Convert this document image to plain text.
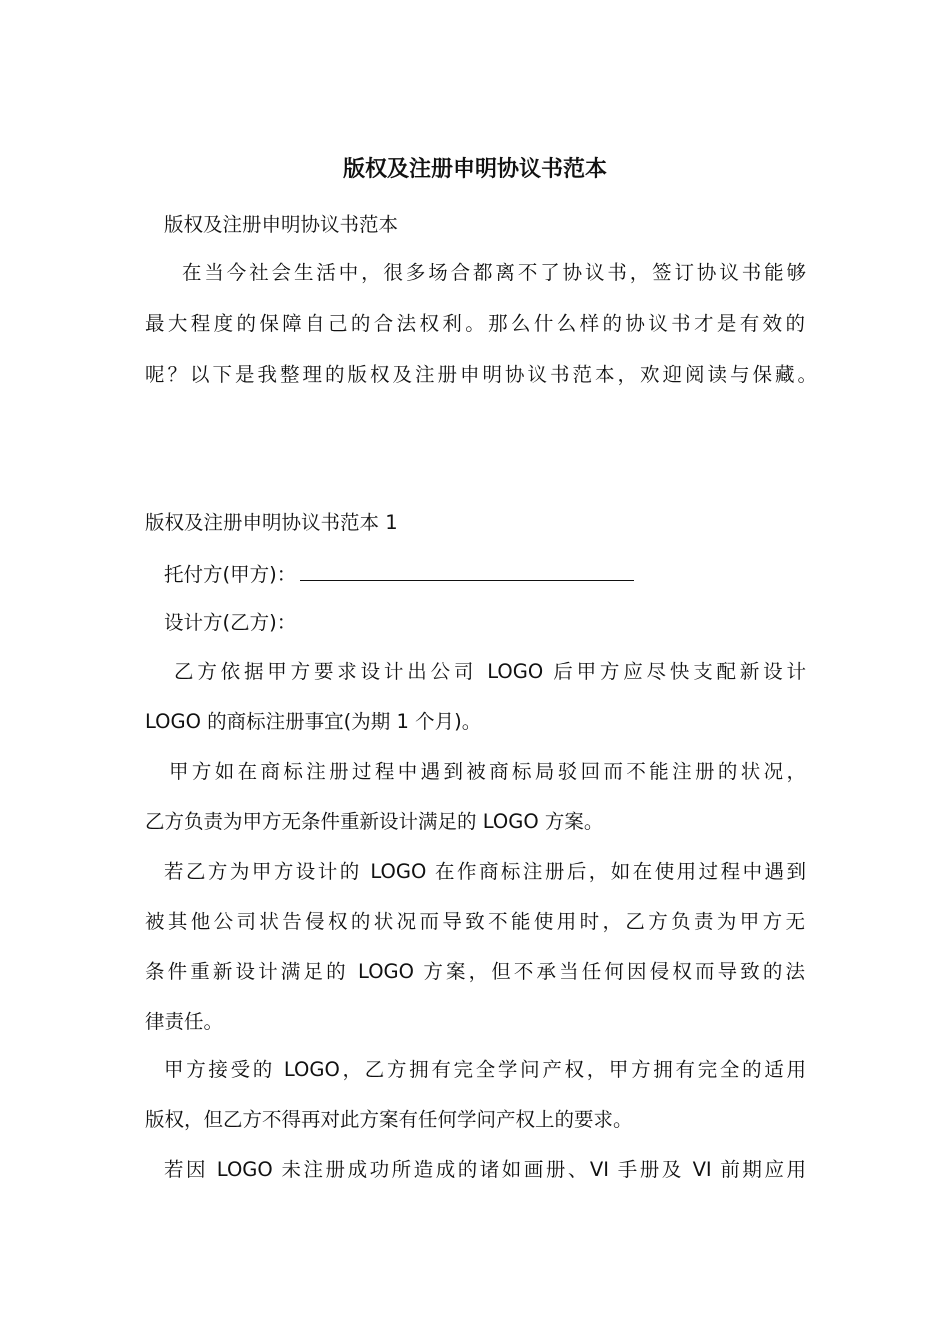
版权及注册申明协议书范本
版权及注册申明协议书范本
在当今社会生活中，很多场合都离不了协议书，签订协议书能够
最大程度的保障自己的合法权利。那么什么样的协议书才是有效的
呢？以下是我整理的版权及注册申明协议书范本，欢迎阅读与保藏。
版权及注册申明协议书范本 1
托付方(甲方)：
设计方(乙方)：
乙方依据甲方要求设计出公司 LOGO 后甲方应尽快支配新设计
LOGO 的商标注册事宜(为期 1 个月)。
甲方如在商标注册过程中遇到被商标局驳回而不能注册的状况，
乙方负责为甲方无条件重新设计满足的 LOGO 方案。
若乙方为甲方设计的 LOGO 在作商标注册后，如在使用过程中遇到
被其他公司状告侵权的状况而导致不能使用时，乙方负责为甲方无
条件重新设计满足的 LOGO 方案，但不承当任何因侵权而导致的法
律责任。
甲方接受的 LOGO，乙方拥有完全学问产权，甲方拥有完全的适用
版权，但乙方不得再对此方案有任何学问产权上的要求。
若因 LOGO 未注册成功所造成的诸如画册、VI 手册及 VI 前期应用
